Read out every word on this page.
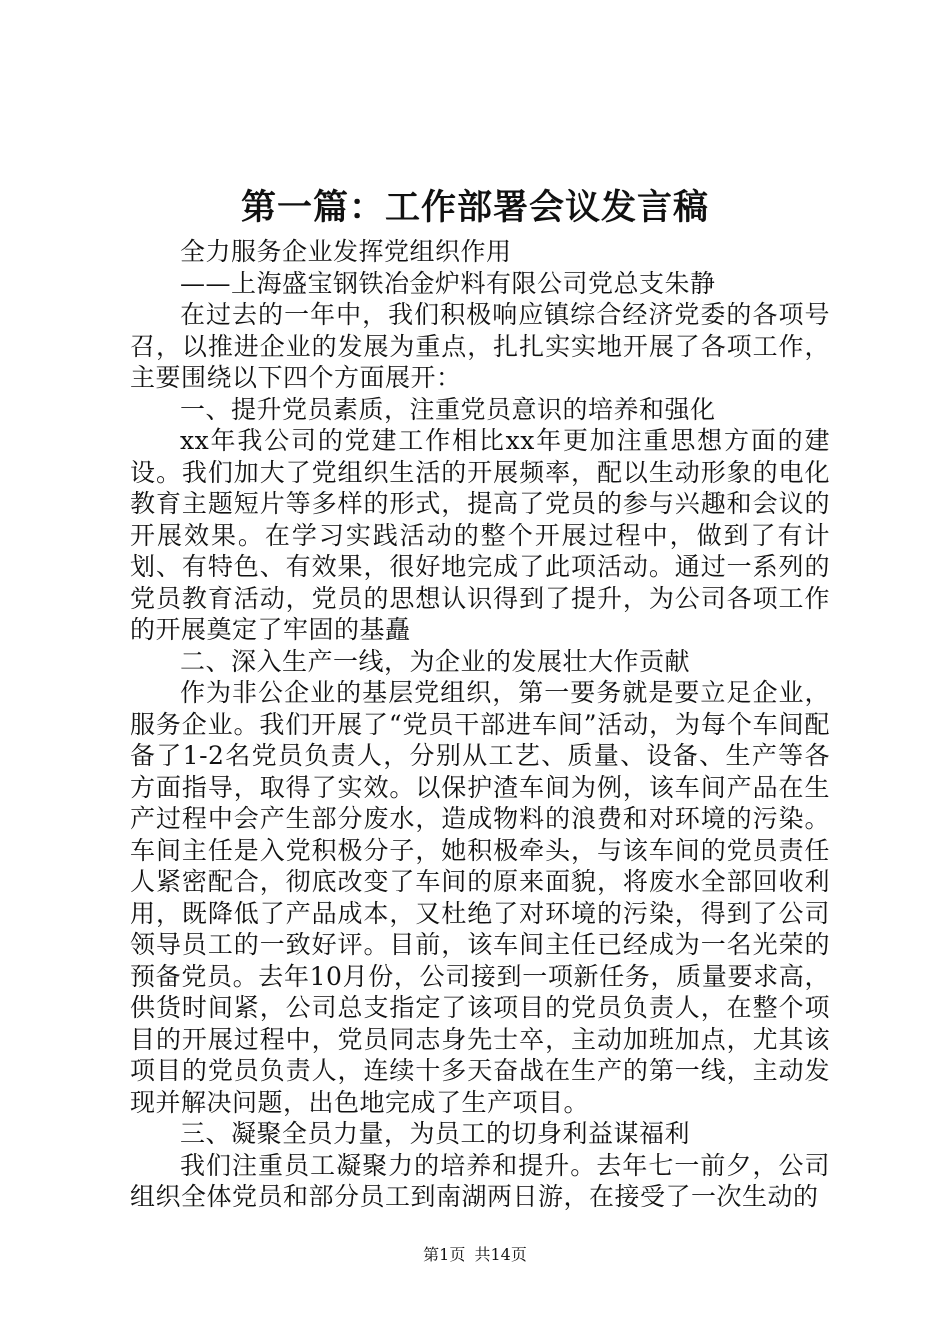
第一篇：工作部署会议发言稿

全力服务企业发挥党组织作用

——上海盛宝钢铁冶金炉料有限公司党总支朱静

在过去的一年中，我们积极响应镇综合经济党委的各项号召，以推进企业的发展为重点，扎扎实实地开展了各项工作，主要围绕以下四个方面展开：

一、提升党员素质，注重党员意识的培养和强化

xx年我公司的党建工作相比xx年更加注重思想方面的建设。我们加大了党组织生活的开展频率，配以生动形象的电化教育主题短片等多样的形式，提高了党员的参与兴趣和会议的开展效果。在学习实践活动的整个开展过程中，做到了有计划、有特色、有效果，很好地完成了此项活动。通过一系列的党员教育活动，党员的思想认识得到了提升，为公司各项工作的开展奠定了牢固的基矗

二、深入生产一线，为企业的发展壮大作贡献

作为非公企业的基层党组织，第一要务就是要立足企业，服务企业。我们开展了“党员干部进车间”活动，为每个车间配备了1-2名党员负责人，分别从工艺、质量、设备、生产等各方面指导，取得了实效。以保护渣车间为例，该车间产品在生产过程中会产生部分废水，造成物料的浪费和对环境的污染。车间主任是入党积极分子，她积极牵头，与该车间的党员责任人紧密配合，彻底改变了车间的原来面貌，将废水全部回收利用，既降低了产品成本，又杜绝了对环境的污染，得到了公司领导员工的一致好评。目前，该车间主任已经成为一名光荣的预备党员。去年10月份，公司接到一项新任务，质量要求高，供货时间紧，公司总支指定了该项目的党员负责人，在整个项目的开展过程中，党员同志身先士卒，主动加班加点，尤其该项目的党员负责人，连续十多天奋战在生产的第一线，主动发现并解决问题，出色地完成了生产项目。

三、凝聚全员力量，为员工的切身利益谋福利

我们注重员工凝聚力的培养和提升。去年七一前夕，公司组织全体党员和部分员工到南湖两日游，在接受了一次生动的

第1页 共14页
